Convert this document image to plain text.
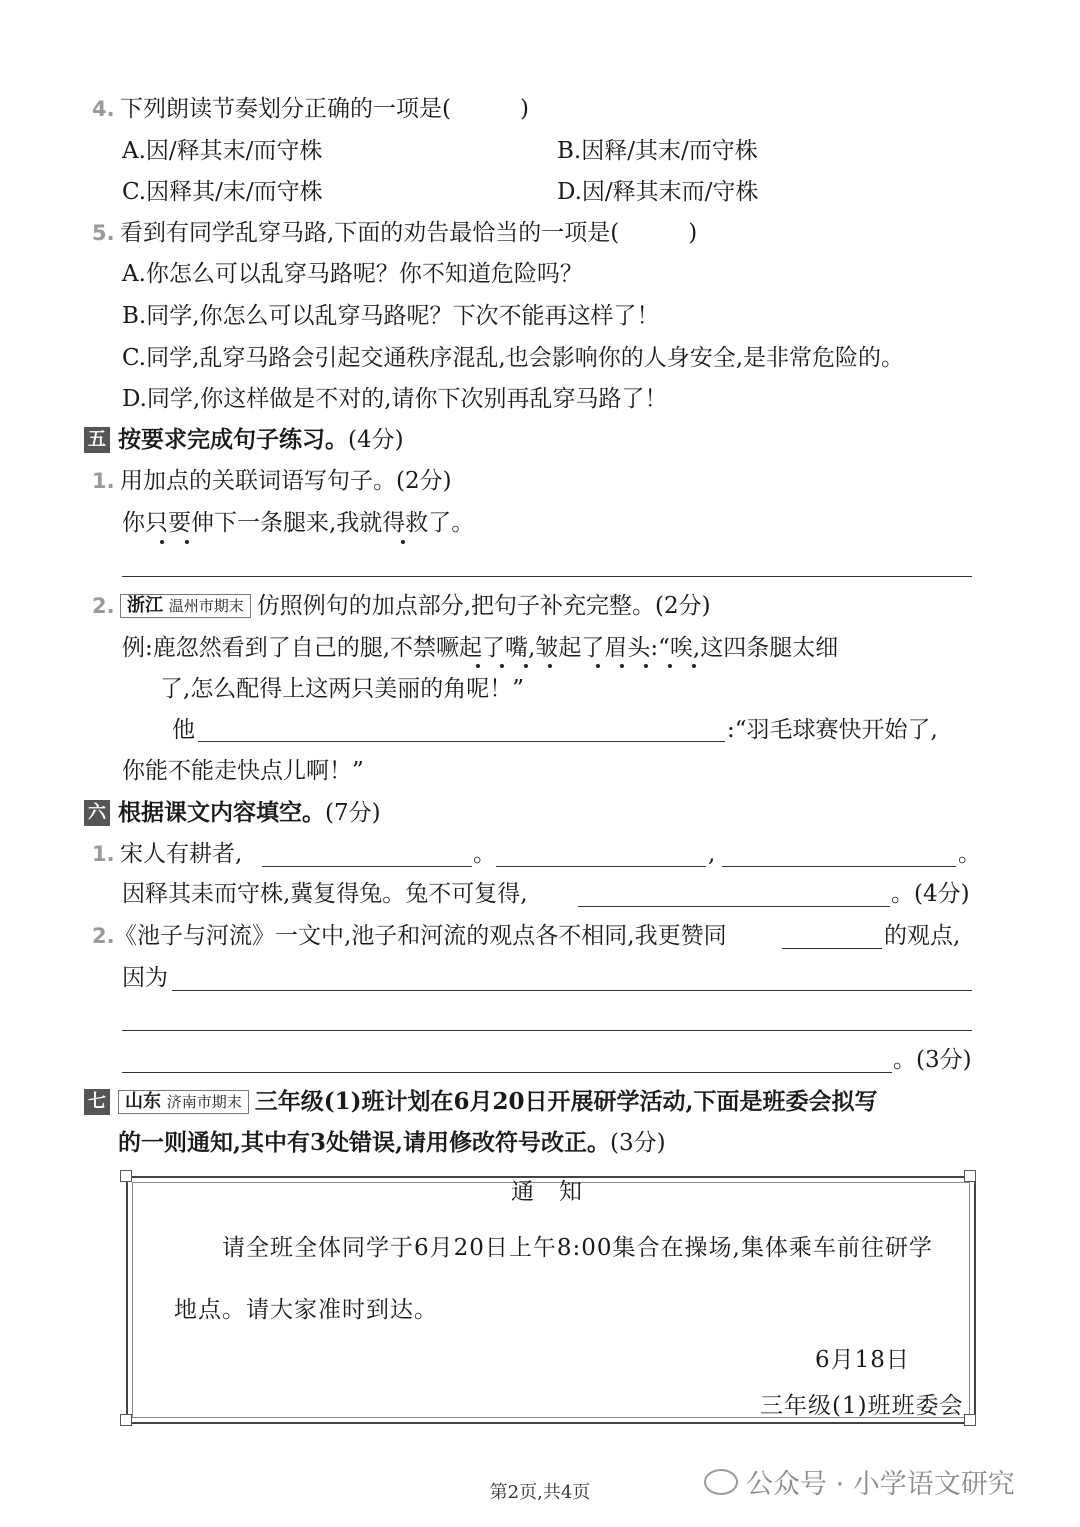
4. 下列朗读节奏划分正确的一项是(　　　)
A.因/释其末/而守株	B.因释/其末/而守株
C.因释其/末/而守株	D.因/释其末而/守株
5. 看到有同学乱穿马路,下面的劝告最恰当的一项是(　　　)
A.你怎么可以乱穿马路呢？你不知道危险吗？
B.同学,你怎么可以乱穿马路呢？下次不能再这样了！
C.同学,乱穿马路会引起交通秩序混乱,也会影响你的人身安全,是非常危险的。
D.同学,你这样做是不对的,请你下次别再乱穿马路了！
五 按要求完成句子练习。(4分)
1. 用加点的关联词语写句子。(2分)
你只要伸下一条腿来,我就得救了。
2. 浙江 温州市期末 仿照例句的加点部分,把句子补充完整。(2分)
例:鹿忽然看到了自己的腿,不禁噘起了嘴,皱起了眉头:“唉,这四条腿太细
了,怎么配得上这两只美丽的角呢！”
他	:“羽毛球赛快开始了,
你能不能走快点儿啊！”
六 根据课文内容填空。(7分)
1. 宋人有耕者,	。	,	。
因释其耒而守株,冀复得兔。兔不可复得,	。(4分)
2. 《池子与河流》一文中,池子和河流的观点各不相同,我更赞同	的观点,
因为
。(3分)
七	山东 济南市期末 三年级(1)班计划在6月20日开展研学活动,下面是班委会拟写
的一则通知,其中有3处错误,请用修改符号改正。(3分)
通　知
请全班全体同学于6月20日上午8:00集合在操场,集体乘车前往研学
地点。请大家准时到达。
6月18日
三年级(1)班班委会
第2页,共4页	公众号 · 小学语文研究
